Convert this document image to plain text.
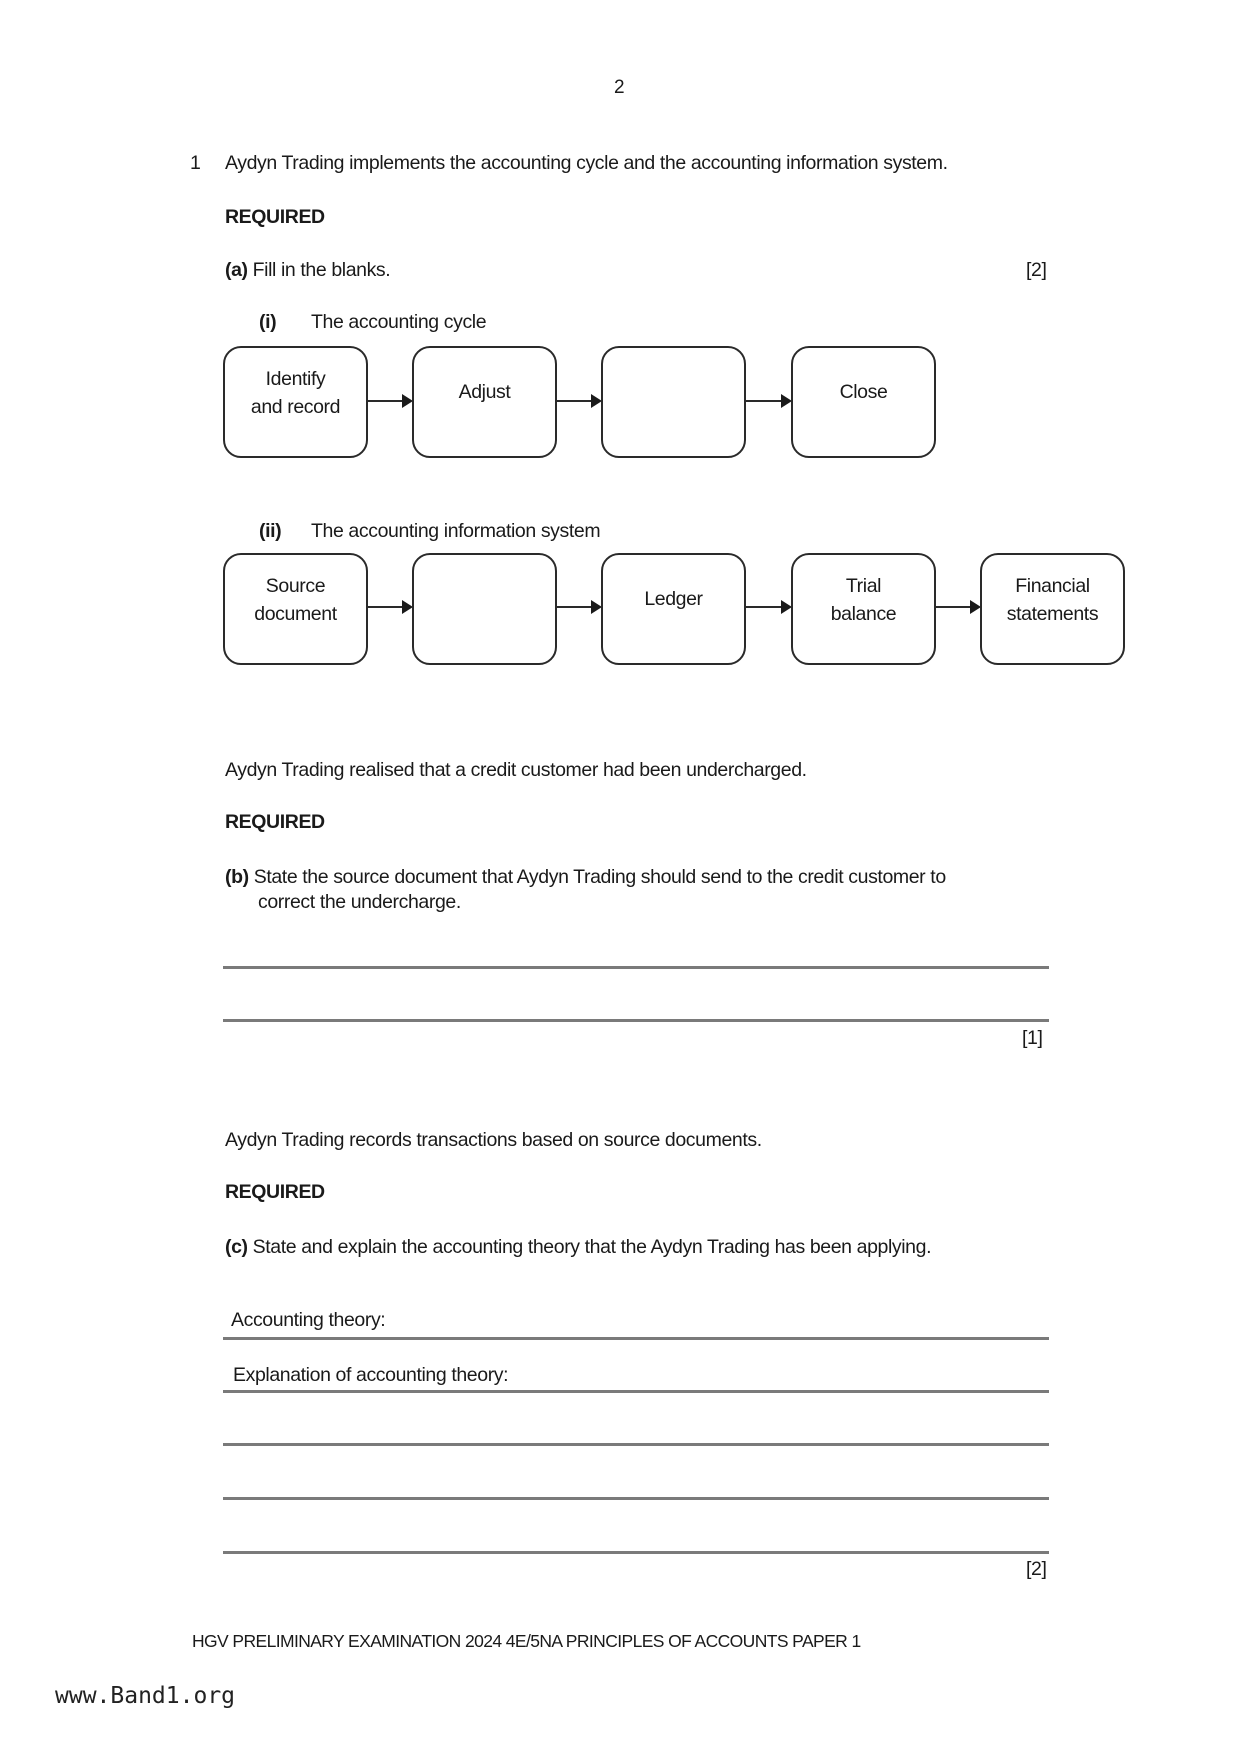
2
1 Aydyn Trading implements the accounting cycle and the accounting information system.
REQUIRED
(a) Fill in the blanks.	[2]
(i) The accounting cycle
Identify
and record
Adjust	Close
(ii) The accounting information system
Source
document
Ledger
Trial
balance
Financial
statements
Aydyn Trading realised that a credit customer had been undercharged.
REQUIRED
(b) State the source document that Aydyn Trading should send to the credit customer to
correct the undercharge.
[1]
Aydyn Trading records transactions based on source documents.
REQUIRED
(c) State and explain the accounting theory that the Aydyn Trading has been applying.
Accounting theory:
Explanation of accounting theory:
[2]
HGV PRELIMINARY EXAMINATION 2024 4E/5NA PRINCIPLES OF ACCOUNTS PAPER 1
www.Band1.org
